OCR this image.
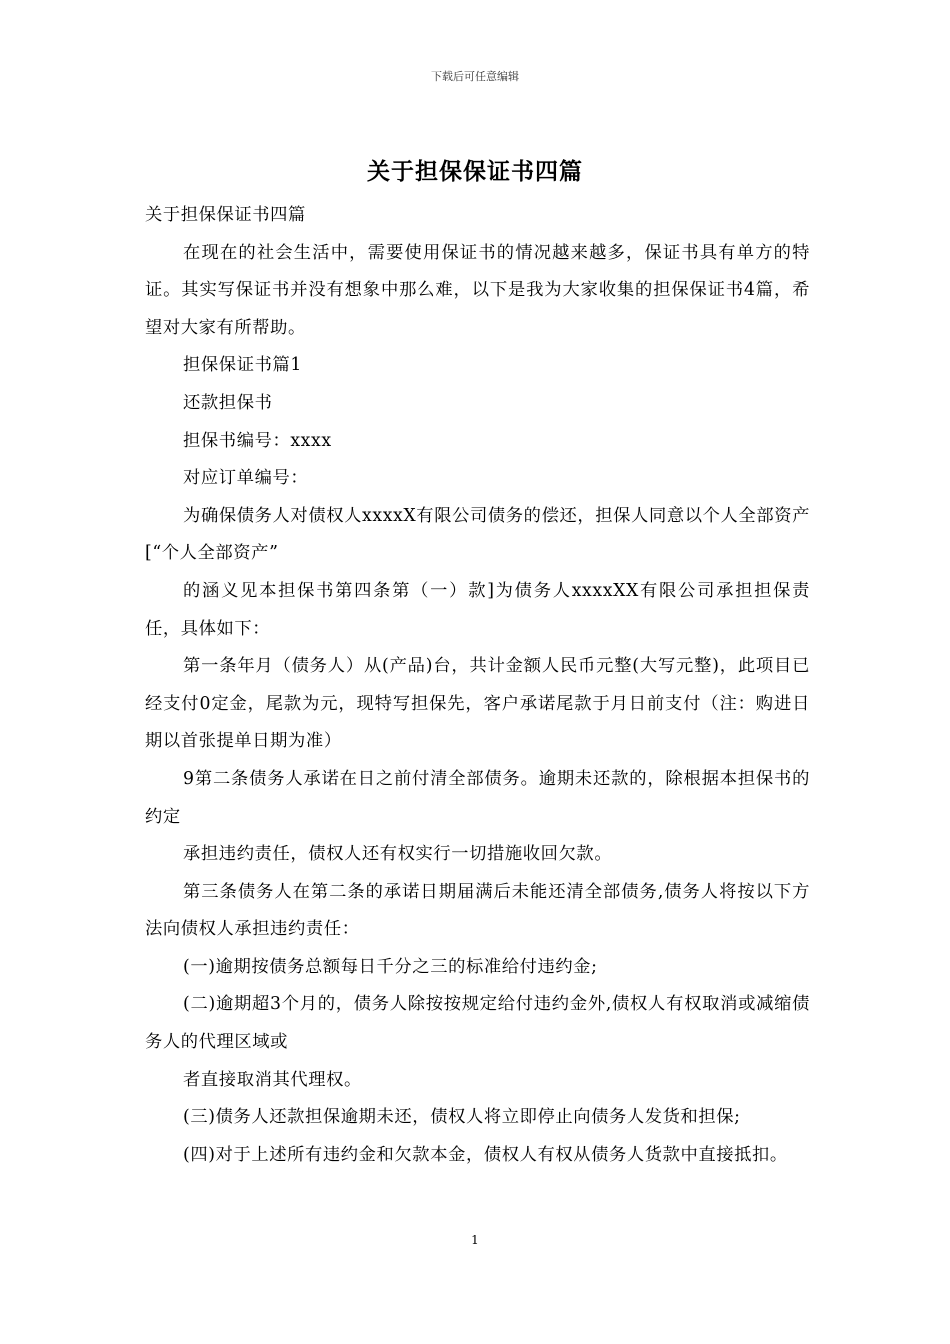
下载后可任意编辑
关于担保保证书四篇

关于担保保证书四篇

在现在的社会生活中，需要使用保证书的情况越来越多，保证书具有单方的特证。其实写保证书并没有想象中那么难，以下是我为大家收集的担保保证书4篇，希望对大家有所帮助。

担保保证书篇1

还款担保书

担保书编号：xxxx

对应订单编号：

为确保债务人对债权人xxxxX有限公司债务的偿还，担保人同意以个人全部资产[“个人全部资产”

的涵义见本担保书第四条第（一）款]为债务人xxxxXX有限公司承担担保责任，具体如下：

第一条年月（债务人）从(产品)台，共计金额人民币元整(大写元整)，此项目已经支付0定金，尾款为元，现特写担保先，客户承诺尾款于月日前支付（注：购进日期以首张提单日期为准）

9第二条债务人承诺在日之前付清全部债务。逾期未还款的，除根据本担保书的约定

承担违约责任，债权人还有权实行一切措施收回欠款。

第三条债务人在第二条的承诺日期届满后未能还清全部债务,债务人将按以下方法向债权人承担违约责任：

(一)逾期按债务总额每日千分之三的标准给付违约金;

(二)逾期超3个月的，债务人除按按规定给付违约金外,债权人有权取消或减缩债务人的代理区域或

者直接取消其代理权。

(三)债务人还款担保逾期未还，债权人将立即停止向债务人发货和担保;

(四)对于上述所有违约金和欠款本金，债权人有权从债务人货款中直接抵扣。

1
